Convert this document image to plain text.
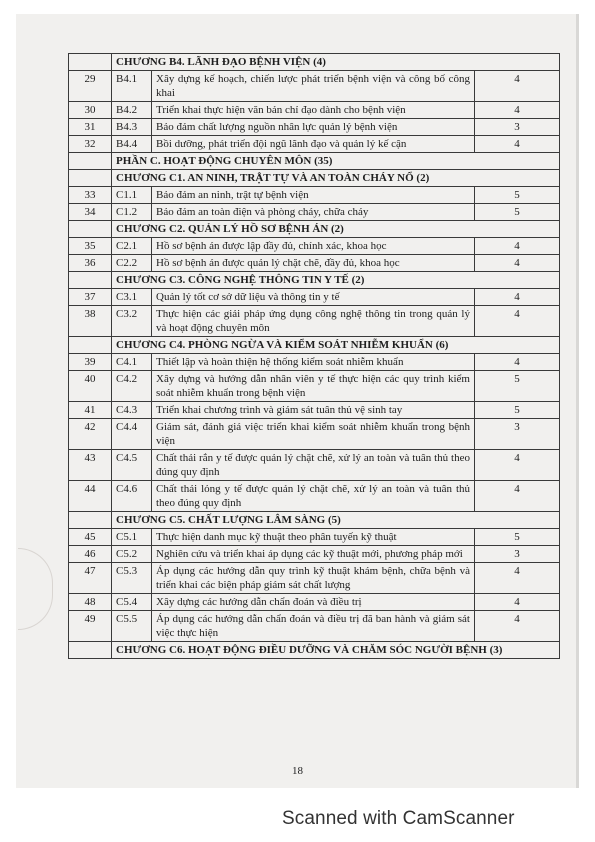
	CHƯƠNG B4. LÃNH ĐẠO BỆNH VIỆN (4)		
29	B4.1	Xây dựng kế hoạch, chiến lược phát triển bệnh viện và công bố công khai	4
30	B4.2	Triển khai thực hiện văn bản chỉ đạo dành cho bệnh viện	4
31	B4.3	Bảo đảm chất lượng nguồn nhân lực quản lý bệnh viện	3
32	B4.4	Bồi dưỡng, phát triển đội ngũ lãnh đạo và quản lý kế cận	4
	PHẦN C. HOẠT ĐỘNG CHUYÊN MÔN (35)		
	CHƯƠNG C1. AN NINH, TRẬT TỰ VÀ AN TOÀN CHÁY NỔ (2)		
33	C1.1	Bảo đảm an ninh, trật tự bệnh viện	5
34	C1.2	Bảo đảm an toàn điện và phòng cháy, chữa cháy	5
	CHƯƠNG C2. QUẢN LÝ HỒ SƠ BỆNH ÁN (2)		
35	C2.1	Hồ sơ bệnh án được lập đầy đủ, chính xác, khoa học	4
36	C2.2	Hồ sơ bệnh án được quản lý chặt chẽ, đầy đủ, khoa học	4
	CHƯƠNG C3. CÔNG NGHỆ THÔNG TIN Y TẾ (2)		
37	C3.1	Quản lý tốt cơ sở dữ liệu và thông tin y tế	4
38	C3.2	Thực hiện các giải pháp ứng dụng công nghệ thông tin trong quản lý và hoạt động chuyên môn	4
	CHƯƠNG C4. PHÒNG NGỪA VÀ KIỂM SOÁT NHIỄM KHUẨN (6)		
39	C4.1	Thiết lập và hoàn thiện hệ thống kiểm soát nhiễm khuẩn	4
40	C4.2	Xây dựng và hướng dẫn nhân viên y tế thực hiện các quy trình kiểm soát nhiễm khuẩn trong bệnh viện	5
41	C4.3	Triển khai chương trình và giám sát tuân thủ vệ sinh tay	5
42	C4.4	Giám sát, đánh giá việc triển khai kiểm soát nhiễm khuẩn trong bệnh viện	3
43	C4.5	Chất thải rắn y tế được quản lý chặt chẽ, xử lý an toàn và tuân thủ theo đúng quy định	4
44	C4.6	Chất thải lỏng y tế được quản lý chặt chẽ, xử lý an toàn và tuân thủ theo đúng quy định	4
	CHƯƠNG C5. CHẤT LƯỢNG LÂM SÀNG (5)		
45	C5.1	Thực hiện danh mục kỹ thuật theo phân tuyến kỹ thuật	5
46	C5.2	Nghiên cứu và triển khai áp dụng các kỹ thuật mới, phương pháp mới	3
47	C5.3	Áp dụng các hướng dẫn quy trình kỹ thuật khám bệnh, chữa bệnh và triển khai các biện pháp giám sát chất lượng	4
48	C5.4	Xây dựng các hướng dẫn chẩn đoán và điều trị	4
49	C5.5	Áp dụng các hướng dẫn chẩn đoán và điều trị đã ban hành và giám sát việc thực hiện	4
	CHƯƠNG C6. HOẠT ĐỘNG ĐIỀU DƯỠNG VÀ CHĂM SÓC NGƯỜI BỆNH (3)		
18
Scanned with CamScanner
